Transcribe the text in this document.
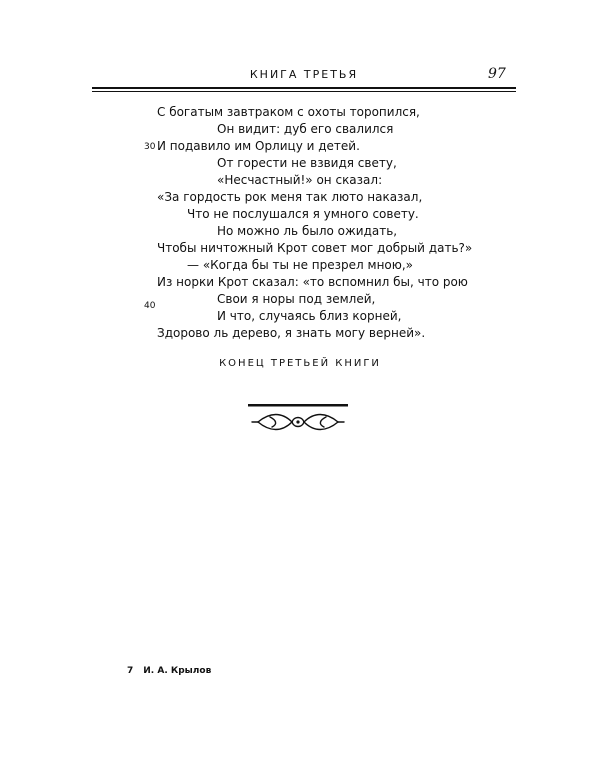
КНИГА ТРЕТЬЯ	97
С богатым завтраком с охоты торопился,
Он видит: дуб его свалился
30 И подавило им Орлицу и детей.
От горести не взвидя свету,
«Несчастный!» он сказал:
«За гордость рок меня так люто наказал,
Что не послушался я умного совету.
Но можно ль было ожидать,
Чтобы ничтожный Крот совет мог добрый дать?»
— «Когда бы ты не презрел мною,»
Из норки Крот сказал: «то вспомнил бы, что рою
Свои я норы под землей,
40
И что, случаясь близ корней,
Здорово ль дерево, я знать могу верней».
КОНЕЦ ТРЕТЬЕЙ КНИГИ
7 И. А. Крылов
